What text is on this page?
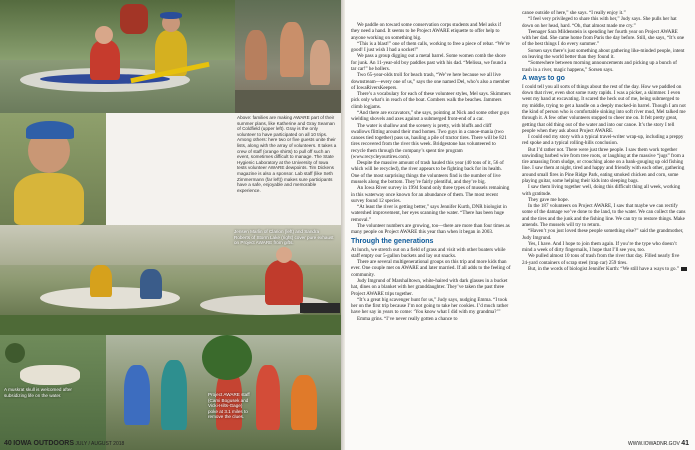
Above: families are making AWARE part of their summer plans, like Katherine and Gray Seaman of Coldfield (upper left). Gray is the only volunteer to have participated on all 10 trips. Among others: here two or five guests unite their lists, along with the array of volunteers. It takes a crew of staff (orange shirts) to pull off such an event, sometimes difficult to manage. The State Hygienic Laboratory at the University of Iowa tests volunteer AWARE dewpoints. Tim Dickens magazine is also a sponsor. Lab staff (like Seth Zimmermann (far left)) makes sure participants have a safe, enjoyable and memorable experience.

Jensen Marlin of Clarion (left) and Sandra Roberts of Storm Lake (right) cover pure exhaust on Project AWARE from gifts.
A muskrat skull is welcomed after subsidizing life on the water.	Project AWARE staff (Cami Bogusek and Vicki-Hilts-Gage) poke at 3.1 miles to remove the clues.
40 IOWA OUTDOORS JULY / AUGUST 2018

We paddle on toward some conservation corps students and Mel asks if they need a hand. It seems to be Project AWARE etiquette to offer help to anyone working on something big.

“This is a blast!” one of them calls, working to free a piece of rebar. “We’re good! I just wish I had a socket!”

We pass a group digging out a metal barrel. Some women comb the shore for junk. An 11-year-old boy paddles past with his dad. “Melissa, we found a tar car!” he hollers.

Two 65-year-olds troll for beach trash, “We’ve here because we all live downstream—every one of us,” says the one named Del, who’s also a member of IowaRiversKeepers.

There’s a vocabulary for each of these volunteer styles, Mel says. Skimmers pick only what’s in reach of the boat. Combers walk the beaches. Jammers climb logjams.

“And there are excavators,” she says, pointing at Nick and some other guys wielding shovels and axes against a submerged front-end of a car.

The water is shallow and the scenery is pretty, with bluffs and cliff swallows flitting around their mud homes. Two guys in a canoe-mania (two canoes tied together) pass us, hauling a pile of tractor tires. There will be 821 tires recovered from the river this week. Bridgestone has volunteered to recycle them through the company’s spent tire program (www.recycleyourtires.com).

Despite the massive amount of trash hauled this year (40 tons of it, 56 of which will be recycled), the river appears to be fighting back for its health. One of the most surprising things the volunteers find is the number of live mussels along the bottom. They’re fairly plentiful, and they’re big.

An Iowa River survey in 1994 found only three types of mussels remaining in this waterway once known for an abundance of them. The most recent survey found 12 species.

“At least the river is getting better,” says Jennifer Kurth, DNR biologist in watershed improvement, her eyes scanning the water. “There has been huge removal.”

The volunteer numbers are growing, too—there are more than four times as many people on Project AWARE this year than when it began in 2003.

Through the generations

At lunch, we stretch out on a field of grass and visit with other boaters while staff empty our 5-gallon buckets and lay out snacks.

There are several multigenerational groups on this trip and more kids than ever. One couple met on AWARE and later married. If all adds to the feeling of community.

Judy Imgrund of Marshalltown, white-haired with dark glasses in a bucket hat, dines on a blanket with her granddaughter. They’ve taken the past three Project AWARE trips together.

“It’s a great big scavenger hunt for us,” Judy says, nudging Emma. “I took her on the first trip because I’m not going to take her cookies. I’d much rather have her say in years to come: ‘You know what I did with my grandma?’”

Emma grins. “I’ve never really gotten a chance to

canoe outside of here,” she says. “I really enjoy it.”

“I feel very privileged to share this with her,” Judy says. She pulls her hat down on her head, hard. “Oh, that almost made me cry.”

Teenager Sara Mildenstein is spending her fourth year on Project AWARE with her dad. She came home from Paris the day before. Still, she says, “It’s one of the best things I do every summer.”

Sorsen says there’s just something about gathering like-minded people, intent on leaving the world better than they found it.

“Somewhere between morning announcements and picking up a bunch of trash in a river, magic happens,” Sorsen says.

A ways to go

I could tell you all sorts of things about the rest of the day. How we paddled on down that river, even shot some rusty rapids. I was a picker, a skimmer. I even went my hand at excavating. It scared the heck out of me, being submerged to my middle, trying to get a handle on a deeply mucked-in barrel. Though I am not the kind of person who is comfortable sinking into soft river mud, Mel talked me through it. A few other volunteers stopped to cheer me on. It felt pretty great, getting that old thing out of the water and into our canoe. It’s the story I tell people when they ask about Project AWARE.

I could end my story with a typical travel-writer wrap-up, including a preppy red spoke and a typical rolling-hills conclusion.

But I’d rather not. There were just three people. I saw them work together unwinding barbed wire from tree roots, or laughing at the massive “jugs” from a tire amassing from sludge, or crouching alone on a bank-gouging up old fishing line. I saw them at night, tired and happy and friendly with each other, gathering around small fires in Pine Ridge Park, eating smoked chicken and corn, some playing guitar, some helping their kids into sleeping bags.

I saw them living together well, doing this difficult thing all week, working with gratitude.

They gave me hope.

In the 187 volunteers on Project AWARE, I saw that maybe we can rectify some of the damage we’ve done to the land, to the water. We can collect the cans and the tires and the junk and the fishing line. We can try to restore things. Make amends. The mussels will try to return.

“Haven’t you just loved these people something else?” said the grandmother, Judy Imgrund.

Yes, I have. And I hope to join them again. If you’re the type who doesn’t mind a week of dirty fingernails, I hope that I’ll see you, too.

We pulled almost 10 tons of trash from the river that day. Filled nearly five 24-yard containers of scrap steel (trap car) 259 tires.

But, in the words of biologist Jennifer Kurth: “We still have a ways to go.”

WWW.IOWADNR.GOV 41
